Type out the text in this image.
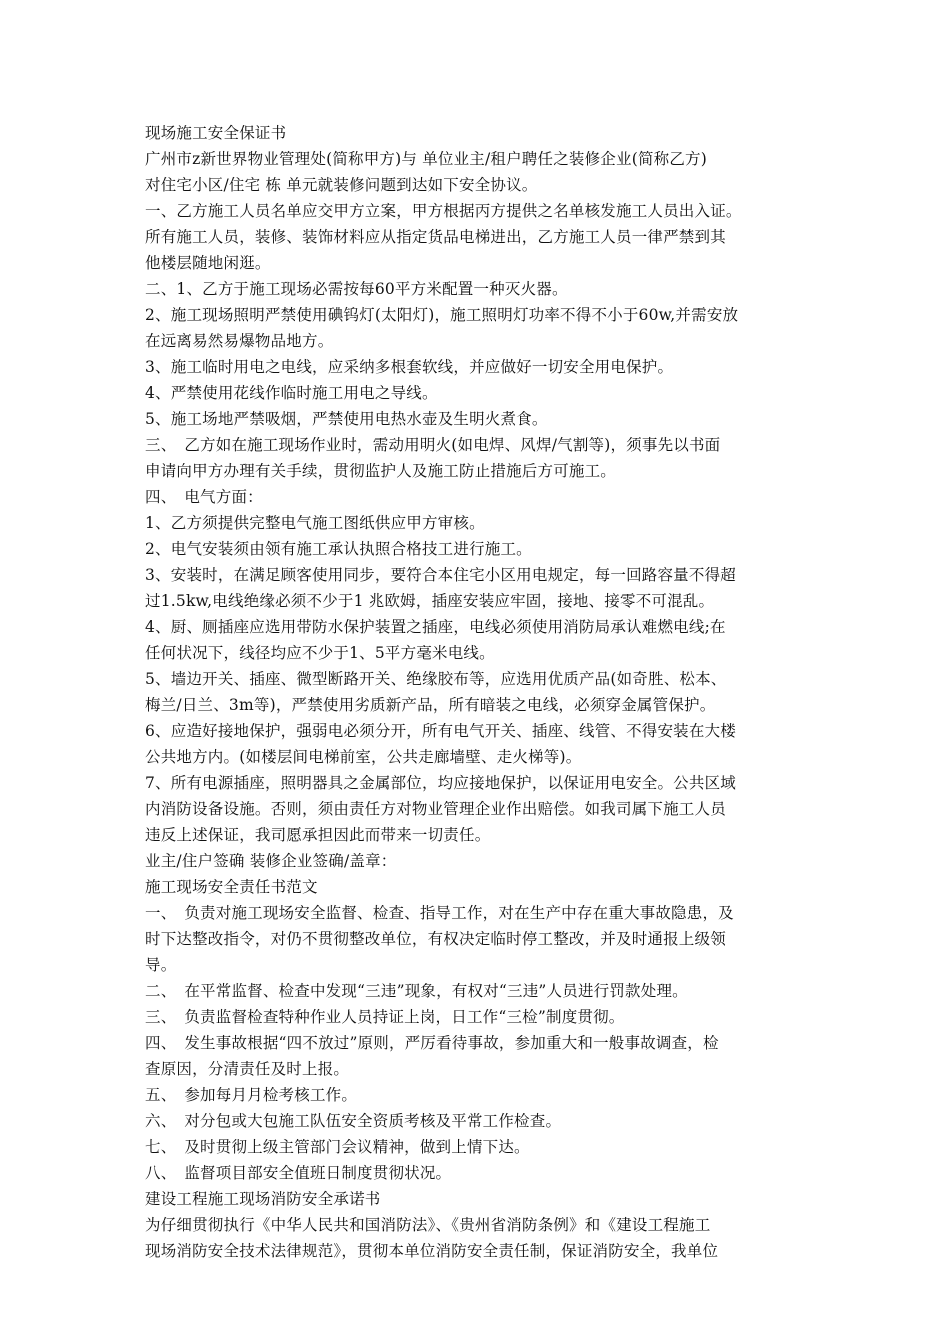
现场施工安全保证书
广州市z新世界物业管理处(简称甲方)与 单位业主/租户聘任之装修企业(简称乙方)
对住宅小区/住宅 栋 单元就装修问题到达如下安全协议。
一、乙方施工人员名单应交甲方立案，甲方根据丙方提供之名单核发施工人员出入证。
所有施工人员，装修、装饰材料应从指定货品电梯进出，乙方施工人员一律严禁到其
他楼层随地闲逛。
二、1、乙方于施工现场必需按每60平方米配置一种灭火器。
2、施工现场照明严禁使用碘钨灯(太阳灯)，施工照明灯功率不得不小于60w,并需安放
在远离易然易爆物品地方。
3、施工临时用电之电线，应采纳多根套软线，并应做好一切安全用电保护。
4、严禁使用花线作临时施工用电之导线。
5、施工场地严禁吸烟，严禁使用电热水壶及生明火煮食。
三、　乙方如在施工现场作业时，需动用明火(如电焊、风焊/气割等)，须事先以书面
申请向甲方办理有关手续，贯彻监护人及施工防止措施后方可施工。
四、　电气方面：
1、乙方须提供完整电气施工图纸供应甲方审核。
2、电气安装须由领有施工承认执照合格技工进行施工。
3、安装时，在满足顾客使用同步，要符合本住宅小区用电规定，每一回路容量不得超
过1.5kw,电线绝缘必须不少于1 兆欧姆，插座安装应牢固，接地、接零不可混乱。
4、厨、厕插座应选用带防水保护装置之插座，电线必须使用消防局承认难燃电线;在
任何状况下，线径均应不少于1、5平方毫米电线。
5、墙边开关、插座、微型断路开关、绝缘胶布等，应选用优质产品(如奇胜、松本、
梅兰/日兰、3m等)，严禁使用劣质新产品，所有暗装之电线，必须穿金属管保护。
6、应造好接地保护，强弱电必须分开，所有电气开关、插座、线管、不得安装在大楼
公共地方内。(如楼层间电梯前室，公共走廊墙壁、走火梯等)。
7、所有电源插座，照明器具之金属部位，均应接地保护，以保证用电安全。公共区域
内消防设备设施。否则，须由责任方对物业管理企业作出赔偿。如我司属下施工人员
违反上述保证，我司愿承担因此而带来一切责任。
业主/住户签确 装修企业签确/盖章：
施工现场安全责任书范文
一、　负责对施工现场安全监督、检查、指导工作，对在生产中存在重大事故隐患，及
时下达整改指令，对仍不贯彻整改单位，有权决定临时停工整改，并及时通报上级领
导。
二、　在平常监督、检查中发现“三违”现象，有权对“三违”人员进行罚款处理。
三、　负责监督检查特种作业人员持证上岗，日工作“三检”制度贯彻。
四、　发生事故根据“四不放过”原则，严厉看待事故，参加重大和一般事故调查，检
查原因，分清责任及时上报。
五、　参加每月月检考核工作。
六、　对分包或大包施工队伍安全资质考核及平常工作检查。
七、　及时贯彻上级主管部门会议精神，做到上情下达。
八、　监督项目部安全值班日制度贯彻状况。
建设工程施工现场消防安全承诺书
为仔细贯彻执行《中华人民共和国消防法》、《贵州省消防条例》和《建设工程施工
现场消防安全技术法律规范》，贯彻本单位消防安全责任制，保证消防安全，我单位
